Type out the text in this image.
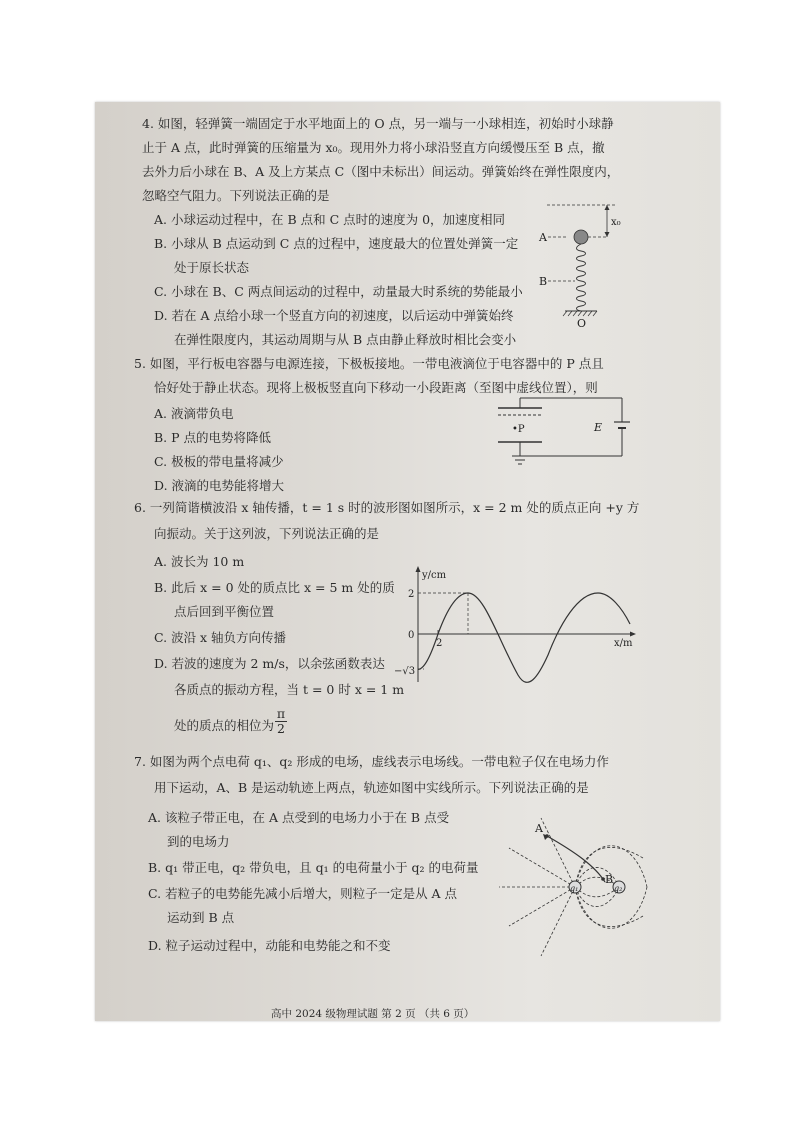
4. 如图，轻弹簧一端固定于水平地面上的 O 点，另一端与一小球相连，初始时小球静
止于 A 点，此时弹簧的压缩量为 x₀。现用外力将小球沿竖直方向缓慢压至 B 点，撤
去外力后小球在 B、A 及上方某点 C（图中未标出）间运动。弹簧始终在弹性限度内，
忽略空气阻力。下列说法正确的是
A. 小球运动过程中，在 B 点和 C 点时的速度为 0，加速度相同
B. 小球从 B 点运动到 C 点的过程中，速度最大的位置处弹簧一定
处于原长状态
C. 小球在 B、C 两点间运动的过程中，动量最大时系统的势能最小
D. 若在 A 点给小球一个竖直方向的初速度，以后运动中弹簧始终
在弹性限度内，其运动周期与从 B 点由静止释放时相比会变小
x₀
A
B
O
5. 如图，平行板电容器与电源连接，下极板接地。一带电液滴位于电容器中的 P 点且
恰好处于静止状态。现将上极板竖直向下移动一小段距离（至图中虚线位置），则
A. 液滴带负电
B. P 点的电势将降低
C. 极板的带电量将减少
D. 液滴的电势能将增大
•P	E
6. 一列简谐横波沿 x 轴传播，t = 1 s 时的波形图如图所示，x = 2 m 处的质点正向 +y 方
向振动。关于这列波，下列说法正确的是
A. 波长为 10 m
B. 此后 x = 0 处的质点比 x = 5 m 处的质
点后回到平衡位置
C. 波沿 x 轴负方向传播
D. 若波的速度为 2 m/s，以余弦函数表达
各质点的振动方程，当 t = 0 时 x = 1 m
处的质点的相位为 $\frac{\pi}{2}$
y/cm
x/m
2
0
−√3
2
7. 如图为两个点电荷 q₁、q₂ 形成的电场，虚线表示电场线。一带电粒子仅在电场力作
用下运动，A、B 是运动轨迹上两点，轨迹如图中实线所示。下列说法正确的是
A. 该粒子带正电，在 A 点受到的电场力小于在 B 点受
到的电场力
B. q₁ 带正电，q₂ 带负电，且 q₁ 的电荷量小于 q₂ 的电荷量
C. 若粒子的电势能先减小后增大，则粒子一定是从 A 点
运动到 B 点
D. 粒子运动过程中，动能和电势能之和不变
A
B
q₁	q₂
高中 2024 级物理试题 第 2 页 （共 6 页）
